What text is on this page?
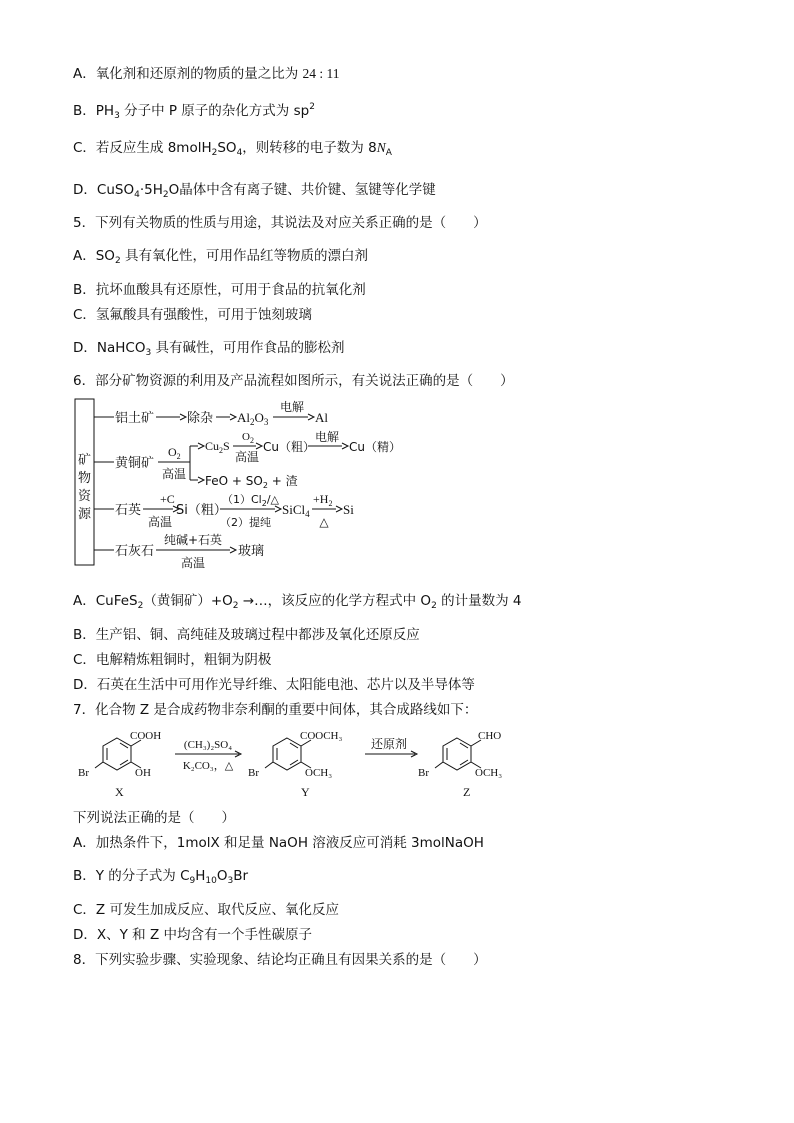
A．氧化剂和还原剂的物质的量之比为 24 : 11
B．$PH_3$ 分子中 P 原子的杂化方式为 $sp^2$
C．若反应生成 $8molH_2SO_4$，则转移的电子数为 $8N_A$
D．$CuSO_4\cdot 5H_2O$晶体中含有离子键、共价键、氢键等化学键
5．下列有关物质的性质与用途，其说法及对应关系正确的是（　　）
A．$SO_2$ 具有氧化性，可用作品红等物质的漂白剂
B．抗坏血酸具有还原性，可用于食品的抗氧化剂
C．氢氟酸具有强酸性，可用于蚀刻玻璃
D．NaHCO$_3$ 具有碱性，可用作食品的膨松剂
6．部分矿物资源的利用及产品流程如图所示，有关说法正确的是（　　）
矿
物
资
源
铝土矿	除杂 $Al_2O_3$
电解
Al
黄铜矿
$O_2$
高温
$Cu_2S$
$O_2$
高温
Cu（粗）
电解
Cu（精）
FeO + $SO_2$ + 渣
石英
+C
高温
Si（粗）
$(1)Cl_2/\triangle$
（2）提纯
SiCl$_4$
$+H_2$
△
Si
石灰石
纯碱+石英
高温
玻璃
A．CuFeS$_2$（黄铜矿）$+O_2$ →…，该反应的化学方程式中 $O_2$ 的计量数为 4
B．生产铝、铜、高纯硅及玻璃过程中都涉及氧化还原反应
C．电解精炼粗铜时，粗铜为阴极
D．石英在生活中可用作光导纤维、太阳能电池、芯片以及半导体等
7．化合物 Z 是合成药物非奈利酮的重要中间体，其合成路线如下：
COOH
OH
Br
X
(CH₃)₂SO₄
K₂CO₃，△
COOCH₃
OCH₃
Br
Y
还原剂
CHO
OCH₃
Br
Z
下列说法正确的是（　　）
A．加热条件下，1molX 和足量 NaOH 溶液反应可消耗 3molNaOH
B．Y 的分子式为 $C_9H_{10}O_3Br$
C．Z 可发生加成反应、取代反应、氧化反应
D．X、Y 和 Z 中均含有一个手性碳原子
8．下列实验步骤、实验现象、结论均正确且有因果关系的是（　　）
